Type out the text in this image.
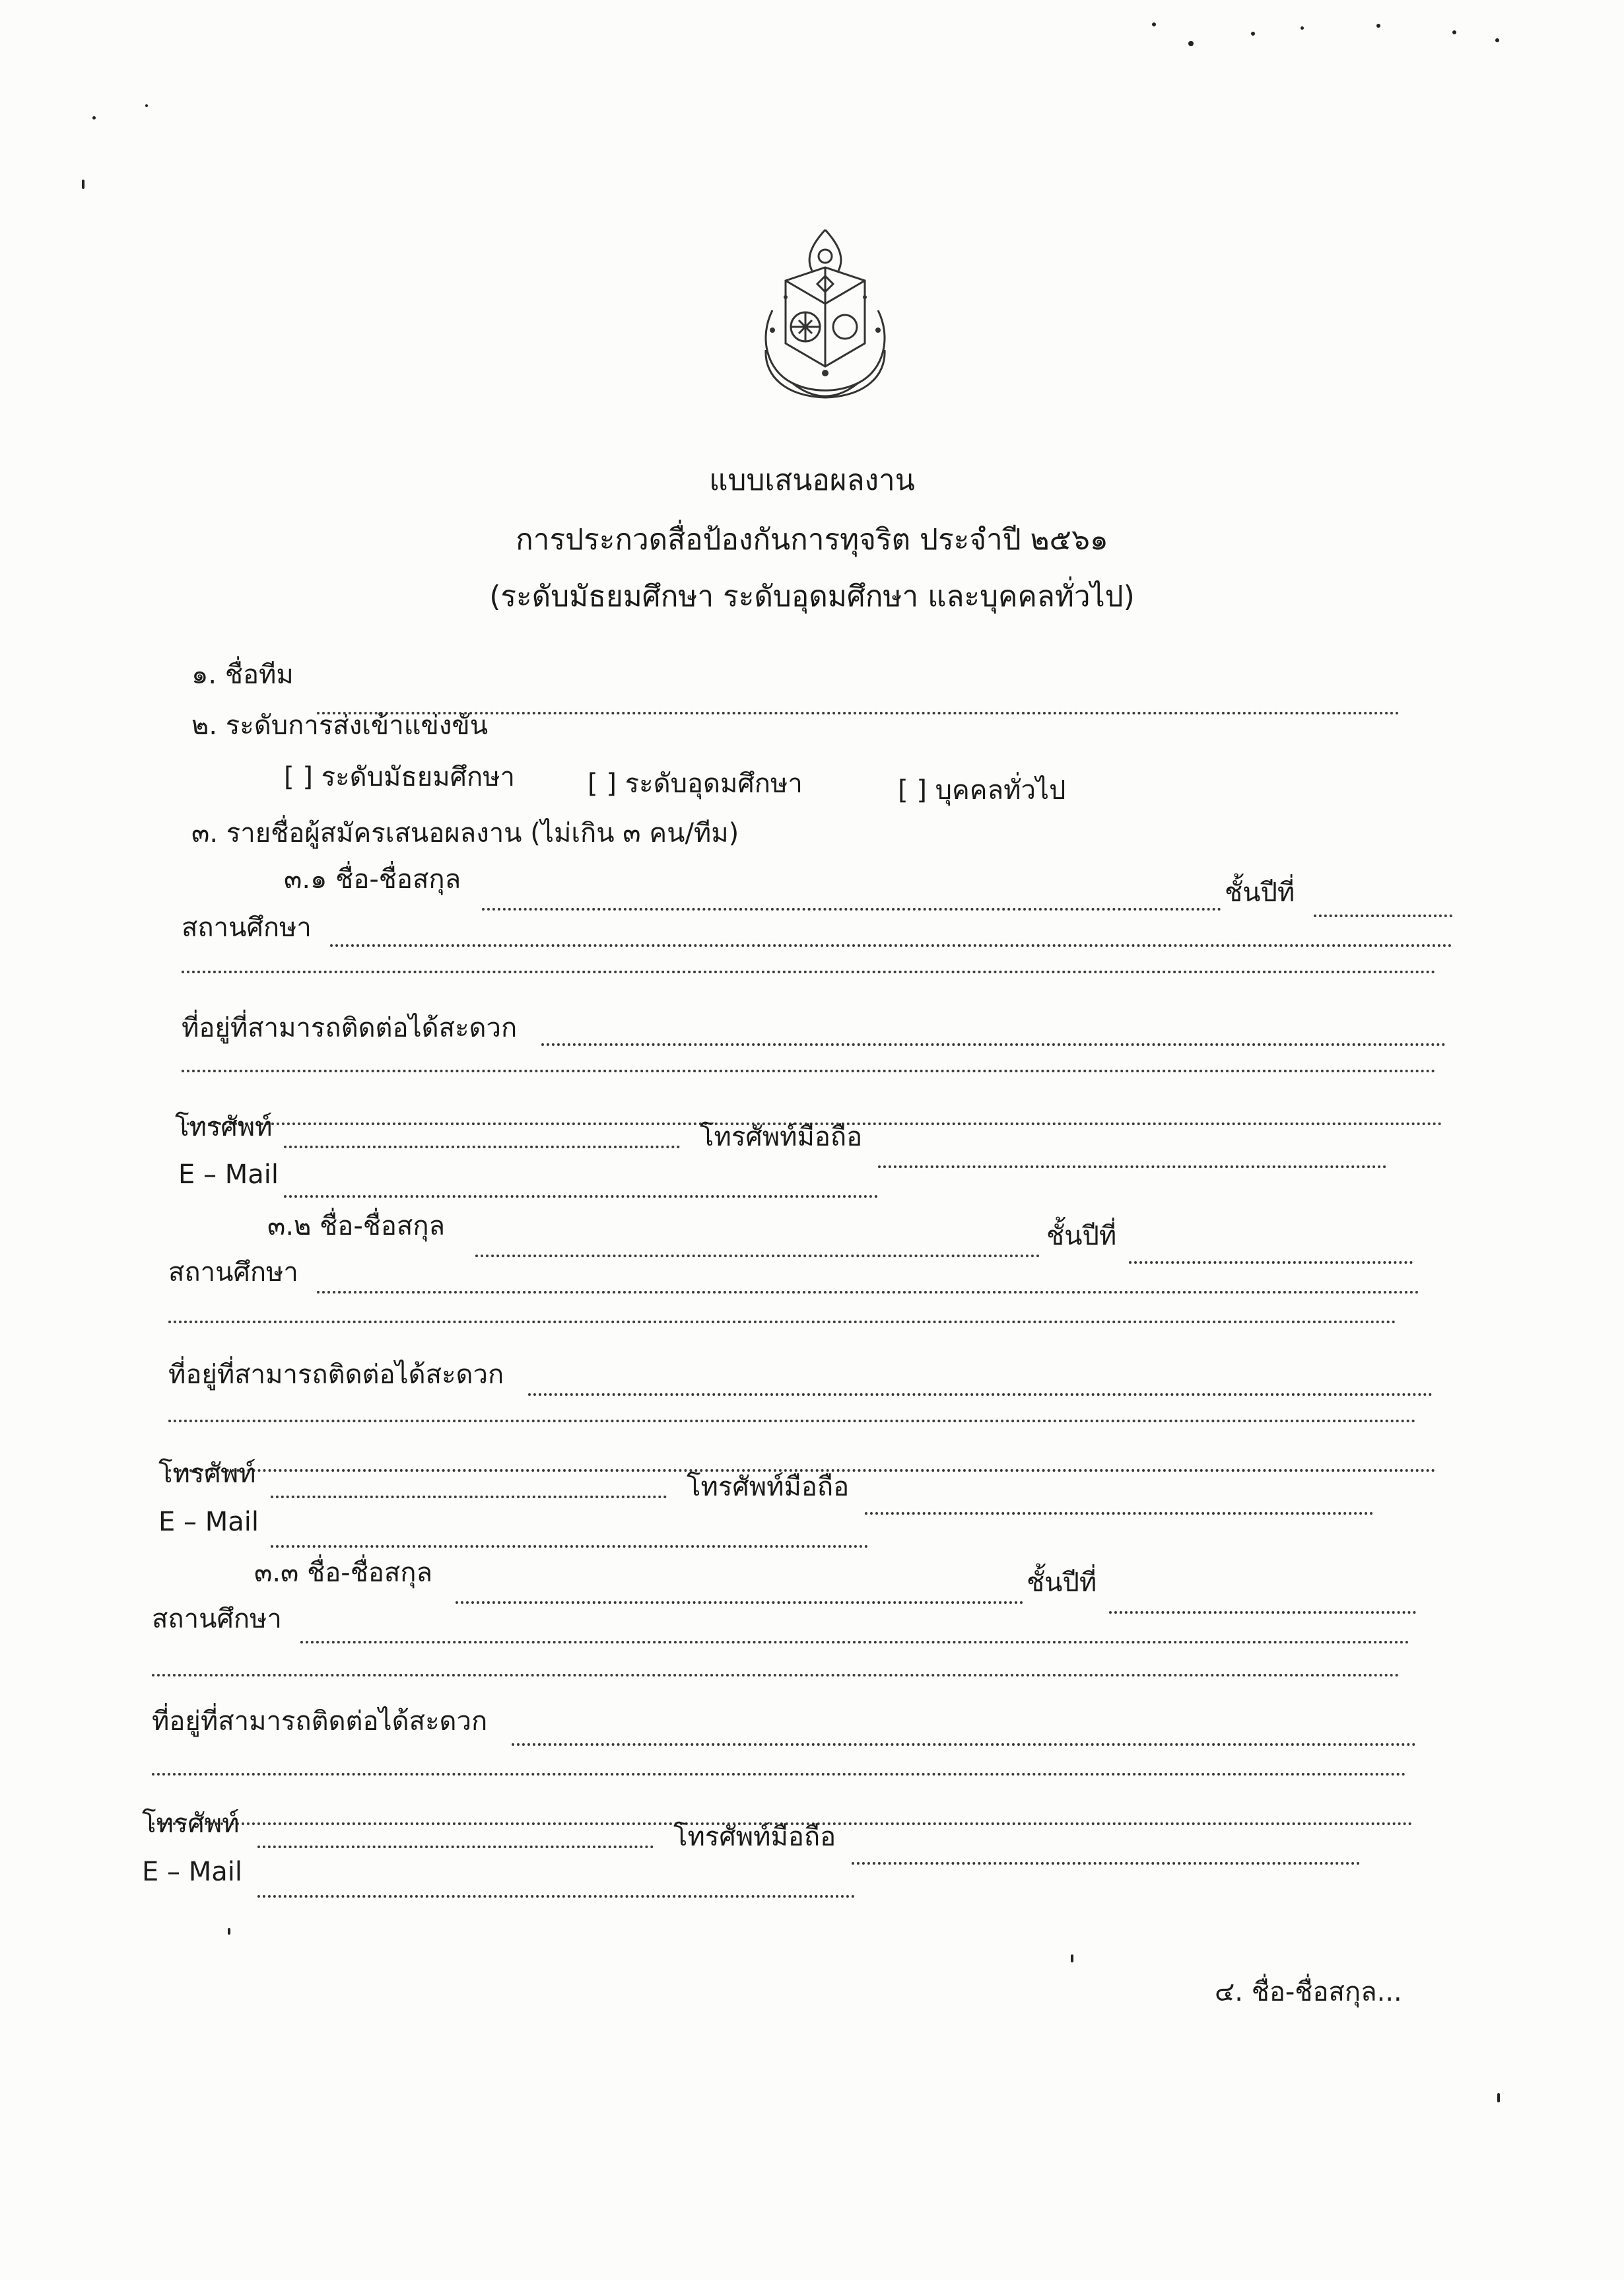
แบบเสนอผลงาน
การประกวดสื่อป้องกันการทุจริต ประจำปี ๒๕๖๑
(ระดับมัธยมศึกษา ระดับอุดมศึกษา และบุคคลทั่วไป)
๑. ชื่อทีม
๒. ระดับการส่งเข้าแข่งขัน
[ ] ระดับมัธยมศึกษา	[ ] ระดับอุดมศึกษา	[ ] บุคคลทั่วไป
๓. รายชื่อผู้สมัครเสนอผลงาน (ไม่เกิน ๓ คน/ทีม)
๓.๑ ชื่อ-ชื่อสกุล	ชั้นปีที่
สถานศึกษา
ที่อยู่ที่สามารถติดต่อได้สะดวก
โทรศัพท์	โทรศัพท์มือถือ
E – Mail
๓.๒ ชื่อ-ชื่อสกุล	ชั้นปีที่
สถานศึกษา
ที่อยู่ที่สามารถติดต่อได้สะดวก
โทรศัพท์	โทรศัพท์มือถือ
E – Mail
๓.๓ ชื่อ-ชื่อสกุล	ชั้นปีที่
สถานศึกษา
ที่อยู่ที่สามารถติดต่อได้สะดวก
โทรศัพท์	โทรศัพท์มือถือ
E – Mail
๔. ชื่อ-ชื่อสกุล...
